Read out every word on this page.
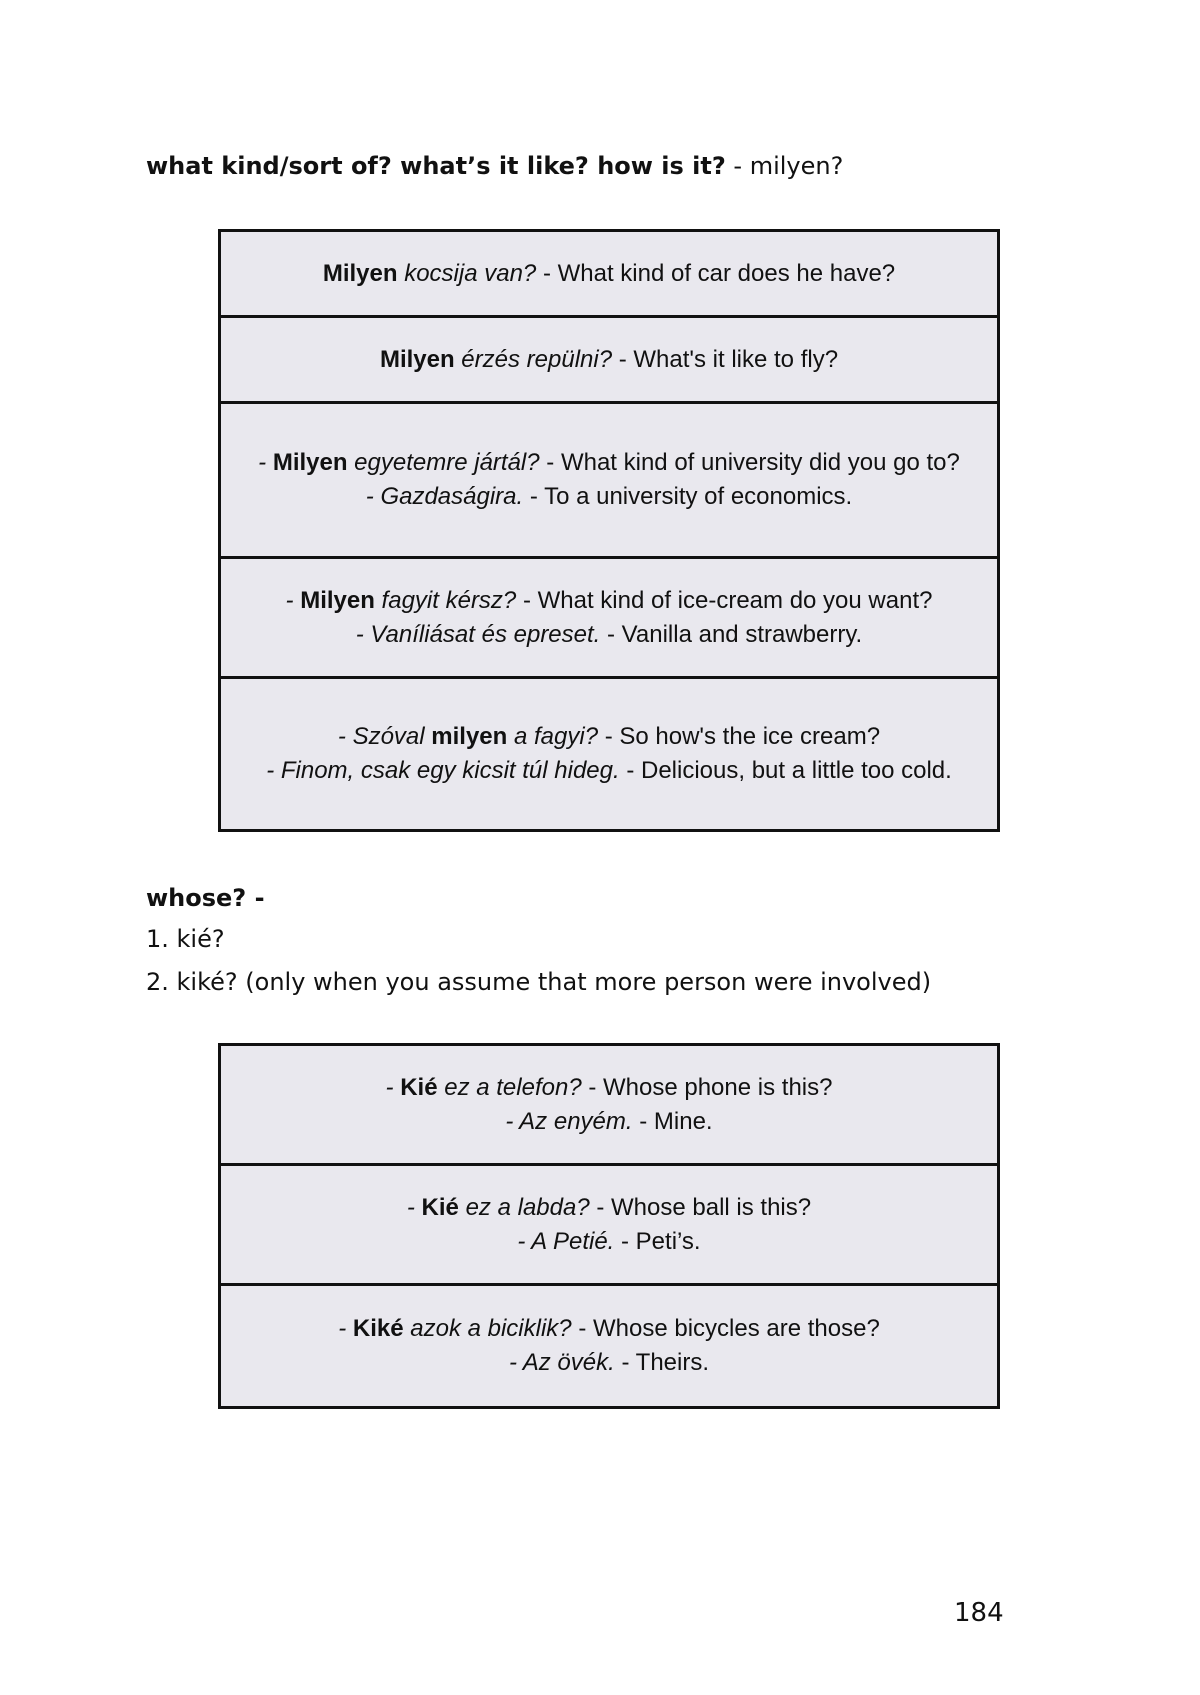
what kind/sort of? what’s it like? how is it? - milyen?
Milyen kocsija van? - What kind of car does he have?
Milyen érzés repülni? - What's it like to fly?
- Milyen egyetemre jártál? - What kind of university did you go to?
- Gazdaságira. - To a university of economics.
- Milyen fagyit kérsz? - What kind of ice-cream do you want?
- Vaníliásat és epreset. - Vanilla and strawberry.
- Szóval milyen a fagyi? - So how's the ice cream?
- Finom, csak egy kicsit túl hideg. - Delicious, but a little too cold.
whose? -
1. kié?
2. kiké? (only when you assume that more person were involved)
- Kié ez a telefon? - Whose phone is this?
- Az enyém. - Mine.
- Kié ez a labda? - Whose ball is this?
- A Petié. - Peti’s.
- Kiké azok a biciklik? - Whose bicycles are those?
- Az övék. - Theirs.
184
